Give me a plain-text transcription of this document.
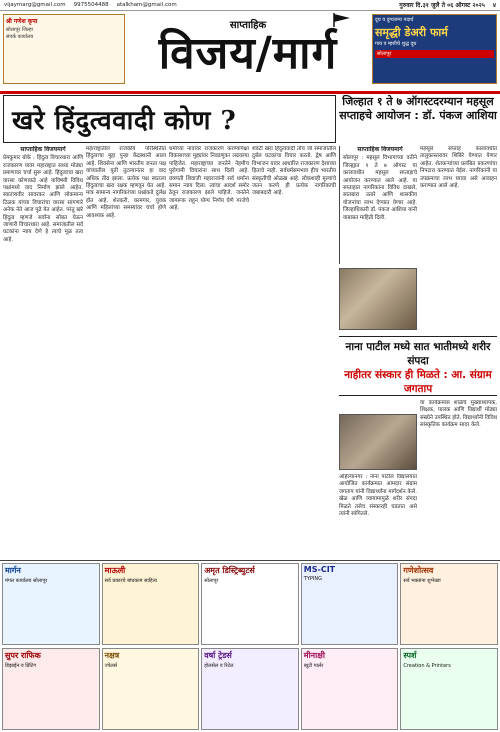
vijaymarg@gmail.com 9975504488 atalkham@gmail.com	गुरुवार दि.३१ जुलै ते ०६ ऑगस्ट २०२५ ४
श्री गणेश कृपा
सोलापूर जिल्हा
संपर्क कार्यालय
साप्ताहिक
विजय/मार्ग
दूध व दुग्धजन्य पदार्थ
समृद्धी डेअरी फार्म
गाय व म्हशीचे शुद्ध दूध
सोलापूर
खरे हिंदुत्ववादी कोण ?
जिल्हात १ ते ७ ऑगस्टदरम्यान महसूल
सप्ताहचे आयोजन : डॉ. पंकज आशिया
साप्ताहिक विजयमार्ग
प्रेमकुमार बोके : हिंदुत्व विचारधारा आणि राजकारण यावर महाराष्ट्रात सध्या मोठ्या प्रमाणावर चर्चा सुरू आहे. हिंदुत्वाचा खरा वारसा कोणाकडे आहे याविषयी विविध पक्षांमध्ये वाद निर्माण झाले आहेत. स्वातंत्र्यवीर सावरकर आणि लोकमान्य टिळक यांच्या विचारांचा वारसा सांगणारे अनेक नेते आज पुढे येत आहेत. परंतु खरे हिंदुत्व म्हणजे सर्वांना सोबत घेऊन जाणारी विचारधारा आहे. समाजातील सर्व घटकांना न्याय देणे हे त्याचे मूळ तत्व आहे.
महाराष्ट्रातील राजकीय परिस्थितीत हिंदुत्वाचा मुद्दा पुन्हा केंद्रस्थानी आला आहे. शिवसेना आणि भारतीय जनता पक्ष यांच्यातील युती तुटल्यानंतर हा वाद अधिक तीव्र झाला. प्रत्येक पक्ष स्वतःला हिंदुत्वाचा खरा रक्षक म्हणवून घेत आहे. मात्र सामान्य नागरिकांच्या प्रश्नांकडे दुर्लक्ष होत आहे. शेतकरी, कामगार, युवक आणि महिलांच्या समस्यांवर चर्चा होणे आवश्यक आहे.
धर्माच्या नावावर राजकारण करण्यापेक्षा विकासाच्या मुद्द्यांवर निवडणुका लढवल्या पाहिजेत. महाराष्ट्राच्या जनतेने नेहमीच पुरोगामी विचारांना साथ दिली आहे. छत्रपती शिवाजी महाराजांनी सर्व धर्मांना समान न्याय दिला. त्यांचा आदर्श समोर ठेवून राजकारण झाले पाहिजे. जनतेने जागरूक राहून योग्य निर्णय घेणे गरजेचे आहे.
शेवटी खरा हिंदुत्ववादी तोच जो समाजातील दुर्बल घटकांचा विचार करतो. द्वेष आणि विभाजन यावर आधारित राजकारण देशाच्या हिताचे नाही. सर्वधर्मसमभाव हीच भारतीय संस्कृतीची ओळख आहे. लोकशाही मूल्यांचे जतन करणे ही प्रत्येक नागरिकाची जबाबदारी आहे.
साप्ताहिक विजयमार्ग
सोलापूर : महसूल विभागाच्या वतीने जिल्ह्यात १ ते ७ ऑगस्ट या कालावधीत महसूल सप्ताहाचे आयोजन करण्यात आले आहे. या सप्ताहात नागरिकांना विविध दाखले, सातबारा उतारे आणि शासकीय योजनांचा लाभ देण्यात येणार आहे. जिल्हाधिकारी डॉ. पंकज आशिया यांनी याबाबत माहिती दिली.
महसूल सप्ताह कालावधीत तालुकास्तरावर शिबिरे घेण्यात येणार आहेत. शेतकऱ्यांच्या प्रलंबित प्रकरणांचा निपटारा करण्यात येईल. नागरिकांनी या उपक्रमाचा लाभ घ्यावा असे आवाहन करण्यात आले आहे.
नाना पाटील मध्ये सात भातीमध्ये शरीर संपदा
नाहीतर संस्कार ही मिळते : आ. संग्राम जगताप
अहिल्यानगर : नाना पाटील विद्यालयात आयोजित कार्यक्रमात आमदार संग्राम जगताप यांनी विद्यार्थ्यांना मार्गदर्शन केले. खेळ आणि व्यायामामुळे शरीर संपदा मिळते तसेच संस्कारही घडतात असे त्यांनी सांगितले.
या कार्यक्रमास शाळेचे मुख्याध्यापक, शिक्षक, पालक आणि विद्यार्थी मोठ्या संख्येने उपस्थित होते. विद्यार्थ्यांनी विविध सांस्कृतिक कार्यक्रम सादर केले.
मार्गन
मंगल कार्यालय सोलापूर
माऊली
सर्व प्रकारचे बांधकाम साहित्य
अमृत डिस्ट्रिब्युटर्स
सोलापूर
MS-CIT
TYPING
गणेशोत्सव
सर्व भक्तांना शुभेच्छा
सुपर राफिक
डिझाईन व प्रिंटिंग
नक्षत्र
ज्वेलर्स
वर्षा ट्रेडर्स
होलसेल व रिटेल
मीनाक्षी
ब्युटी पार्लर
स्पर्श
Creation & Printers
